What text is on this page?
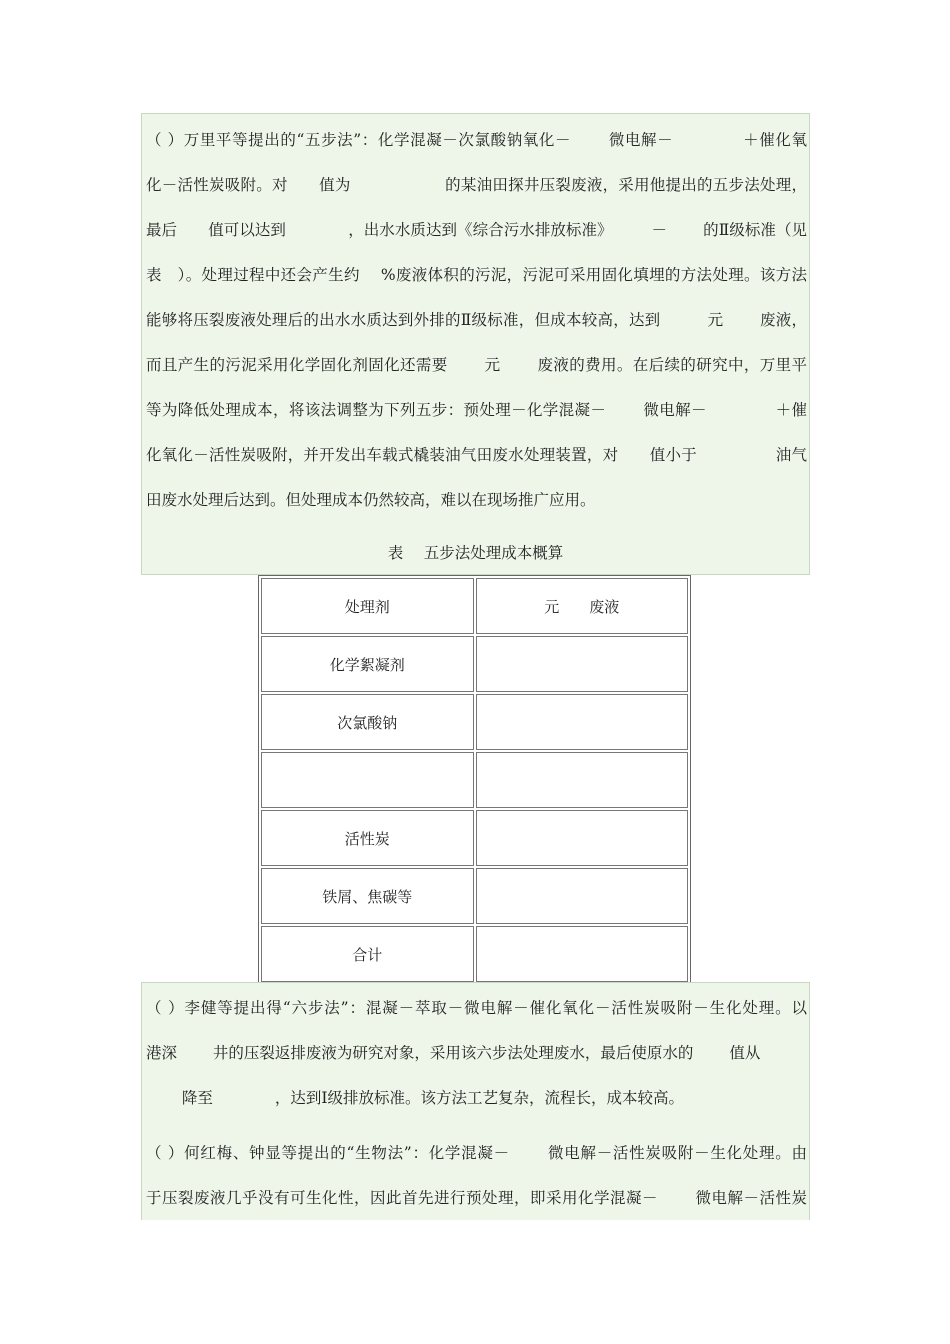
（ ）万里平等提出的“五步法”：化学混凝－次氯酸钠氧化－　　 微电解－　　　　 ＋催化氧
化－活性炭吸附。对　　值为　　　　　　的某油田探井压裂废液，采用他提出的五步法处理，
最后　　值可以达到　　　　，出水水质达到《综合污水排放标准》　　　－　　 的Ⅱ级标准（见
表　）。处理过程中还会产生约　 %废液体积的污泥，污泥可采用固化填埋的方法处理。该方法
能够将压裂废液处理后的出水水质达到外排的Ⅱ级标准，但成本较高，达到　　　元　　 废液，
而且产生的污泥采用化学固化剂固化还需要　　 元　　 废液的费用。在后续的研究中，万里平
等为降低处理成本，将该法调整为下列五步：预处理－化学混凝－　　 微电解－　　　　 ＋催
化氧化－活性炭吸附，并开发出车载式橇装油气田废水处理装置，对　　值小于　　　　　油气
田废水处理后达到。但处理成本仍然较高，难以在现场推广应用。
表　 五步法处理成本概算
处理剂	元　　废液
化学絮凝剂	
次氯酸钠	

活性炭	
铁屑、焦碳等	
合计	
（ ）李健等提出得“六步法”：混凝－萃取－微电解－催化氧化－活性炭吸附－生化处理。以
港深　　 井的压裂返排废液为研究对象，采用该六步法处理废水，最后使原水的　　 值从
　　 降至　　　　，达到Ⅰ级排放标准。该方法工艺复杂，流程长，成本较高。
（ ）何红梅、钟显等提出的“生物法”：化学混凝－　　 微电解－活性炭吸附－生化处理。由
于压裂废液几乎没有可生化性，因此首先进行预处理，即采用化学混凝－　　 微电解－活性炭
